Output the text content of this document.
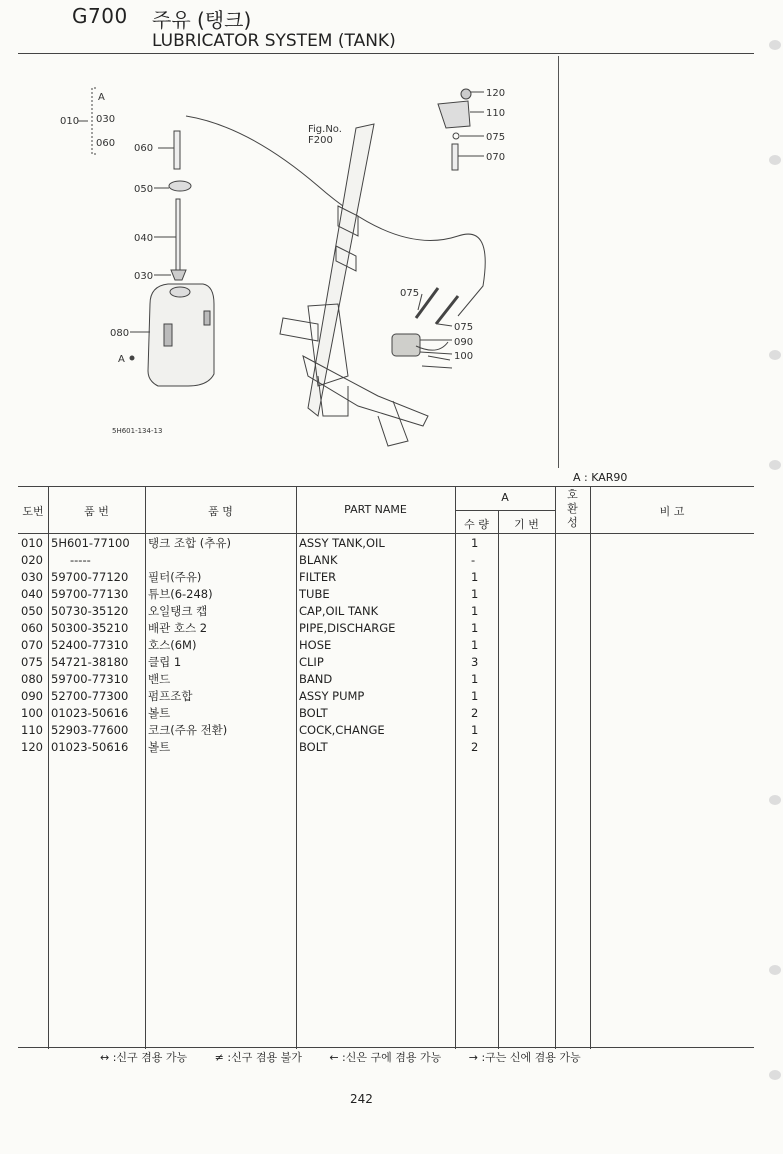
G700 주유 (탱크)
LUBRICATOR SYSTEM (TANK)
A
010 030
060 060
050
040
030
080
A
Fig.No.
F200
120
110
075
070
075
075
090
100
5H601-134-13
A : KAR90
도번	품 번	품 명	PART NAME
A
수 량	기 번
호
환
성
비 고
010 5H601-77100 탱크 조합 (추유)	ASSY TANK,OIL	1
020 -----	BLANK	-
030 59700-77120 필터(주유)	FILTER	1
040 59700-77130 튜브(6-248)	TUBE	1
050 50730-35120 오일탱크 캡	CAP,OIL TANK	1
060 50300-35210 배관 호스 2	PIPE,DISCHARGE	1
070 52400-77310 호스(6M)	HOSE	1
075 54721-38180 클립 1	CLIP	3
080 59700-77310 밴드	BAND	1
090 52700-77300 펌프조합	ASSY PUMP	1
100 01023-50616 볼트	BOLT	2
110 52903-77600 코크(주유 전환)	COCK,CHANGE	1
120 01023-50616 볼트	BOLT	2
↔ :신구 겸용 가능	≠ :신구 겸용 불가	← :신은 구에 겸용 가능	→ :구는 신에 겸용 가능
242
